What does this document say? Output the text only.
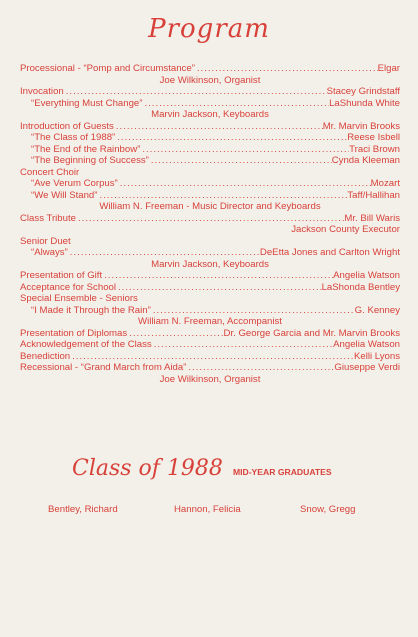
Program
Processional - “Pomp and Circumstance” .....	Elgar
Joe Wilkinson, Organist
Invocation .....	Stacey Grindstaff
“Everything Must Change” .....	LaShunda White
Marvin Jackson, Keyboards
Introduction of Guests .....	Mr. Marvin Brooks
“The Class of 1988” .....	Reese Isbell
“The End of the Rainbow” .....	Traci Brown
“The Beginning of Success” .....	Cynda Kleeman
Concert Choir
“Ave Verum Corpus” .....	Mozart
“We Will Stand” .....	Taff/Hallihan
William N. Freeman - Music Director and Keyboards
Class Tribute .....	Mr. Bill Waris
Jackson County Executor
Senior Duet
“Always” .....	DeEtta Jones and Carlton Wright
Marvin Jackson, Keyboards
Presentation of Gift .....	Angelia Watson
Acceptance for School .....	LaShonda Bentley
Special Ensemble - Seniors
“I Made it Through the Rain” .....	G. Kenney
William N. Freeman, Accompanist
Presentation of Diplomas .....	Dr. George Garcia and Mr. Marvin Brooks
Acknowledgement of the Class .....	Angelia Watson
Benediction .....	Kelli Lyons
Recessional - “Grand March from Aida” .....	Giuseppe Verdi
Joe Wilkinson, Organist
Class of 1988 MID-YEAR GRADUATES
Bentley, Richard	Hannon, Felicia	Snow, Gregg
